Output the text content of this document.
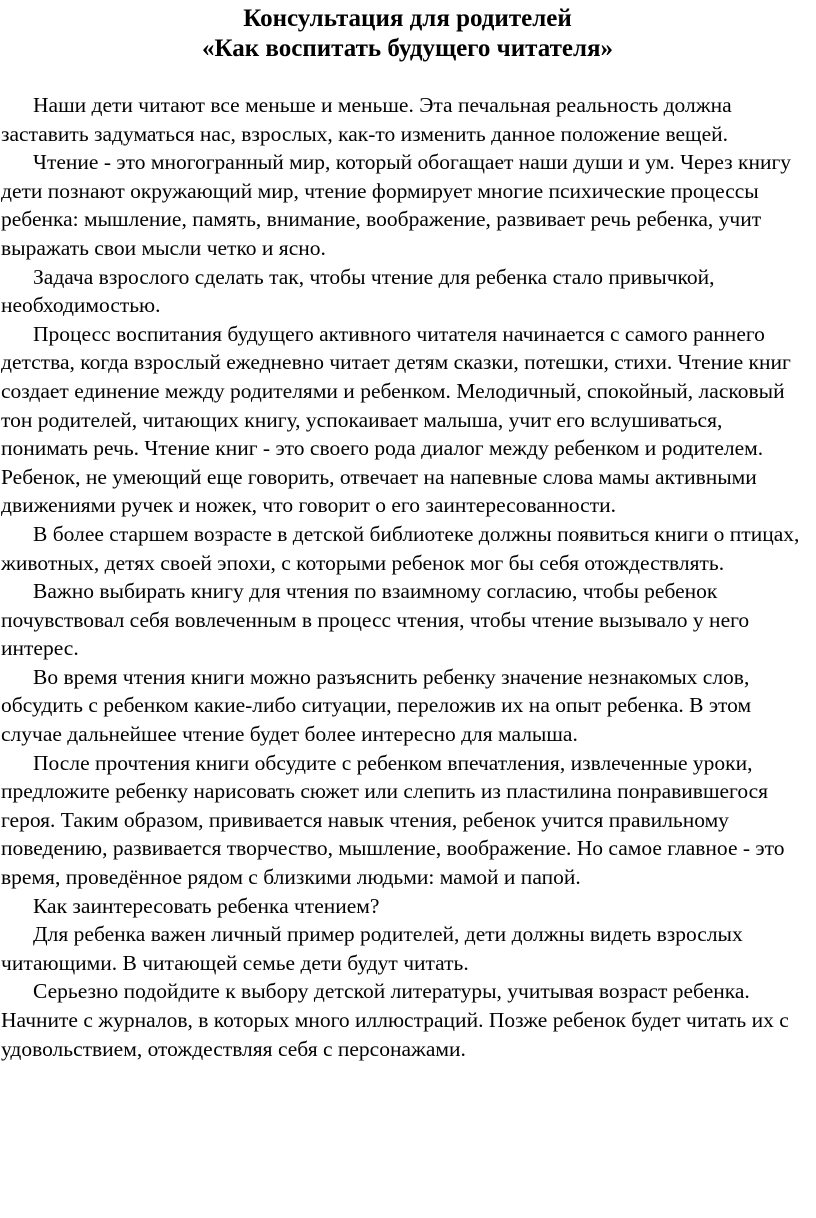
Консультация для родителей
«Как воспитать будущего читателя»

Наши дети читают все меньше и меньше. Эта печальная реальность должна заставить задуматься нас, взрослых, как-то изменить данное положение вещей.

Чтение - это многогранный мир, который обогащает наши души и ум. Через книгу дети познают окружающий мир, чтение формирует многие психические процессы ребенка: мышление, память, внимание, воображение, развивает речь ребенка, учит выражать свои мысли четко и ясно.

Задача взрослого сделать так, чтобы чтение для ребенка стало привычкой, необходимостью.

Процесс воспитания будущего активного читателя начинается с самого раннего детства, когда взрослый ежедневно читает детям сказки, потешки, стихи. Чтение книг создает единение между родителями и ребенком. Мелодичный, спокойный, ласковый тон родителей, читающих книгу, успокаивает малыша, учит его вслушиваться, понимать речь. Чтение книг - это своего рода диалог между ребенком и родителем. Ребенок, не умеющий еще говорить, отвечает на напевные слова мамы активными движениями ручек и ножек, что говорит о его заинтересованности.

В более старшем возрасте в детской библиотеке должны появиться книги о птицах, животных, детях своей эпохи, с которыми ребенок мог бы себя отождествлять.

Важно выбирать книгу для чтения по взаимному согласию, чтобы ребенок почувствовал себя вовлеченным в процесс чтения, чтобы чтение вызывало у него интерес.

Во время чтения книги можно разъяснить ребенку значение незнакомых слов, обсудить с ребенком какие-либо ситуации, переложив их на опыт ребенка. В этом случае дальнейшее чтение будет более интересно для малыша.

После прочтения книги обсудите с ребенком впечатления, извлеченные уроки, предложите ребенку нарисовать сюжет или слепить из пластилина понравившегося героя. Таким образом, прививается навык чтения, ребенок учится правильному поведению, развивается творчество, мышление, воображение. Но самое главное - это время, проведённое рядом с близкими людьми: мамой и папой.

Как заинтересовать ребенка чтением?

Для ребенка важен личный пример родителей, дети должны видеть взрослых читающими. В читающей семье дети будут читать.

Серьезно подойдите к выбору детской литературы, учитывая возраст ребенка. Начните с журналов, в которых много иллюстраций. Позже ребенок будет читать их с удовольствием, отождествляя себя с персонажами.
